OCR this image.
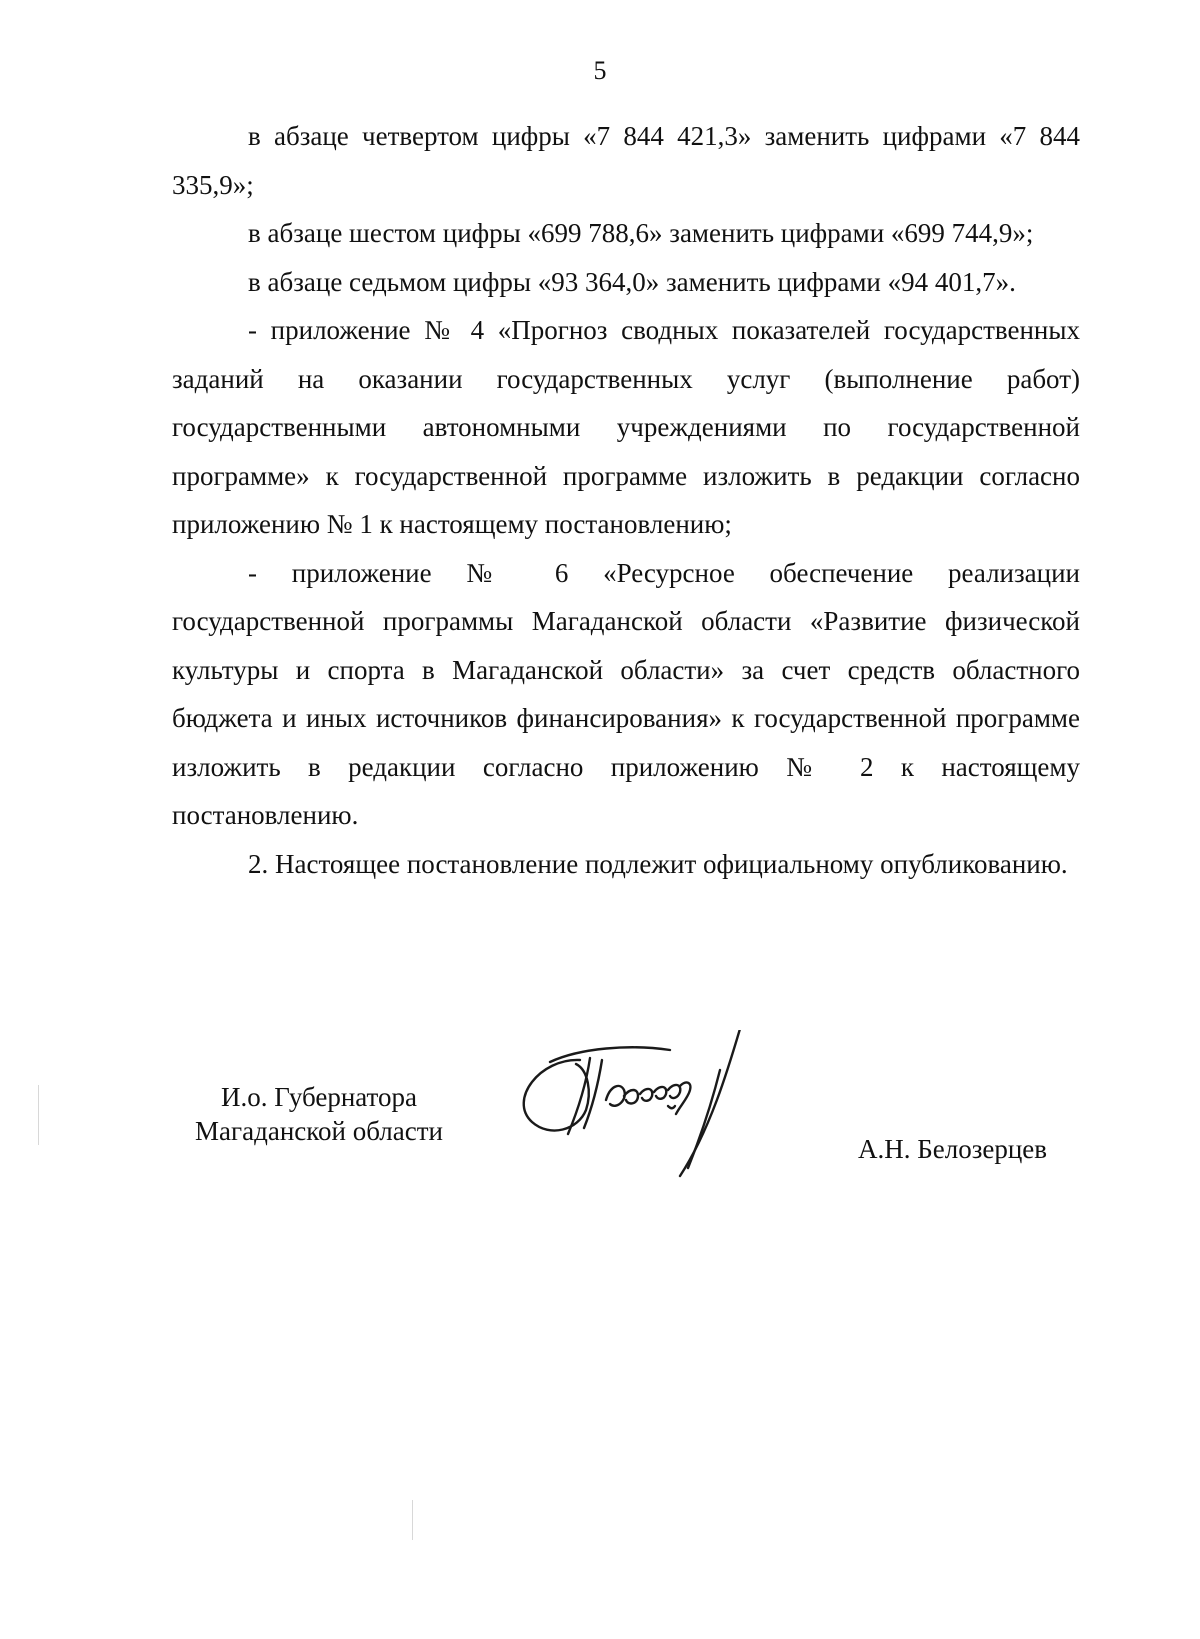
5

в абзаце четвертом цифры «7 844 421,3» заменить цифрами «7 844 335,9»;

в абзаце шестом цифры «699 788,6» заменить цифрами «699 744,9»;

в абзаце седьмом цифры «93 364,0» заменить цифрами «94 401,7».

- приложение № 4 «Прогноз сводных показателей государственных заданий на оказании государственных услуг (выполнение работ) государственными автономными учреждениями по государственной программе» к государственной программе изложить в редакции согласно приложению № 1 к настоящему постановлению;

- приложение № 6 «Ресурсное обеспечение реализации государственной программы Магаданской области «Развитие физической культуры и спорта в Магаданской области» за счет средств областного бюджета и иных источников финансирования» к государственной программе изложить в редакции согласно приложению № 2 к настоящему постановлению.

2. Настоящее постановление подлежит официальному опубликованию.

И.о. Губернатора
Магаданской области
А.Н. Белозерцев
